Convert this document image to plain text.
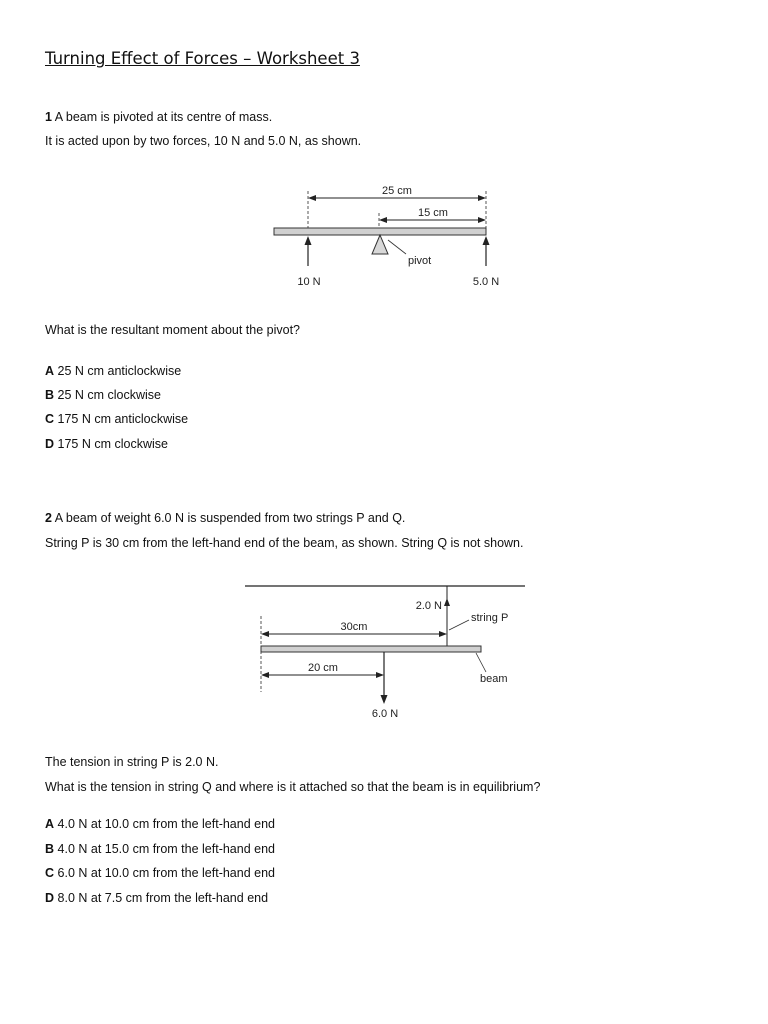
Turning Effect of Forces – Worksheet 3
1 A beam is pivoted at its centre of mass.
It is acted upon by two forces, 10 N and 5.0 N, as shown.
25 cm
15 cm
pivot
10 N	5.0 N
What is the resultant moment about the pivot?
A 25 N cm anticlockwise
B 25 N cm clockwise
C 175 N cm anticlockwise
D 175 N cm clockwise
2 A beam of weight 6.0 N is suspended from two strings P and Q.
String P is 30 cm from the left-hand end of the beam, as shown. String Q is not shown.
2.0 N
string P
30cm
beam
20 cm
6.0 N
The tension in string P is 2.0 N.
What is the tension in string Q and where is it attached so that the beam is in equilibrium?
A 4.0 N at 10.0 cm from the left-hand end
B 4.0 N at 15.0 cm from the left-hand end
C 6.0 N at 10.0 cm from the left-hand end
D 8.0 N at 7.5 cm from the left-hand end
